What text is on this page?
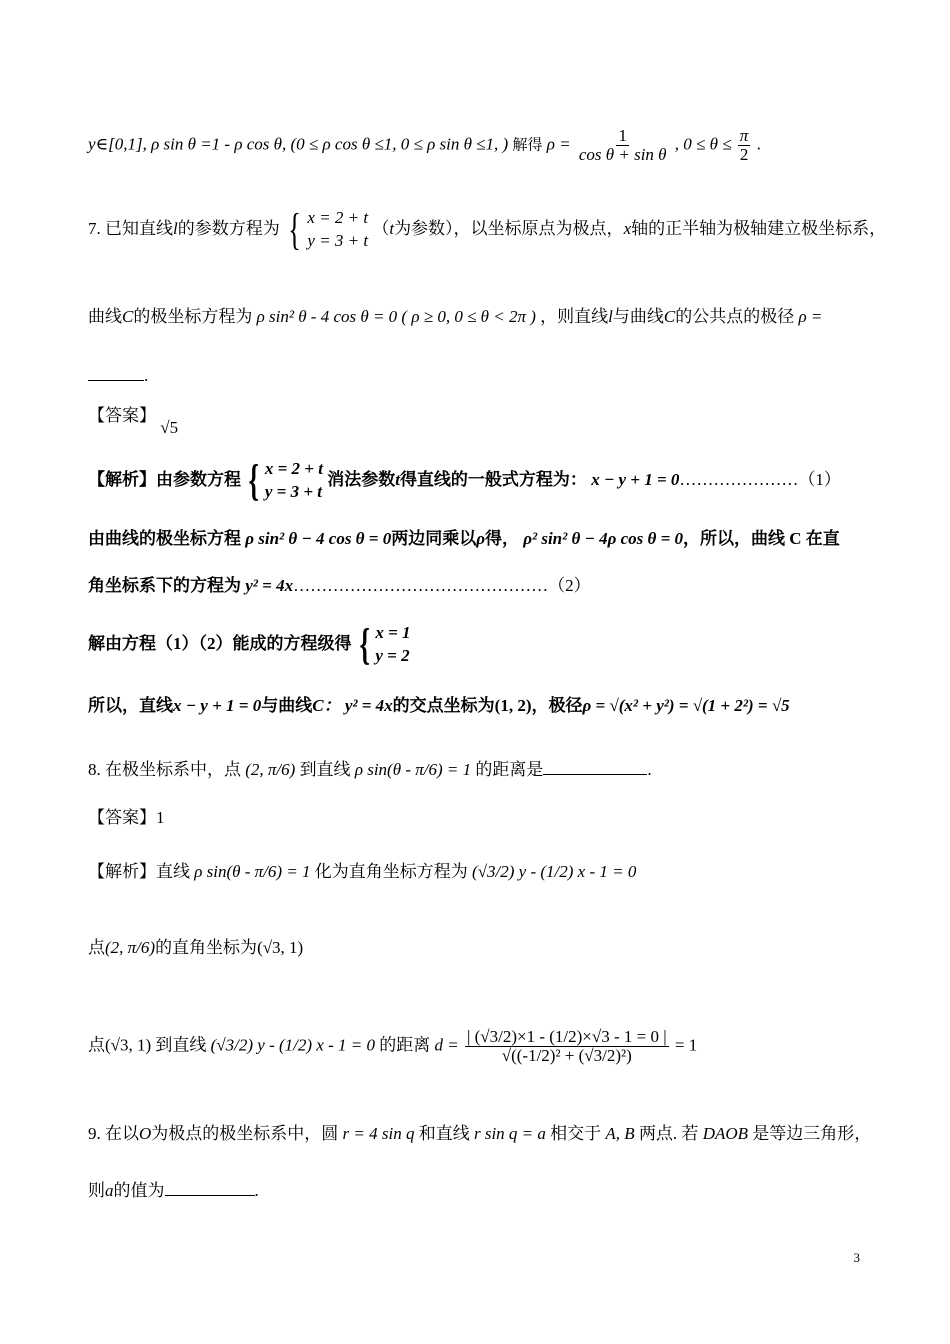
y∈[0,1], ρ sin θ =1 - ρ cos θ, (0 ≤ ρ cos θ ≤1, 0 ≤ ρ sin θ ≤1, ) 解得 $\rho = \frac{1}{\text{cos θ + sin θ}}$ , $0 \le \theta \le \frac{\pi}{2}$ .
7. 已知直线l的参数方程为 { x = 2 + t
y = 3 + t
（t为参数），以坐标原点为极点，x轴的正半轴为极轴建立极坐标系，
曲线C的极坐标方程为 ρ sin² θ - 4 cos θ = 0 ( ρ ≥ 0, 0 ≤ θ < 2π ) ，则直线l与曲线C的公共点的极径 ρ =
.
【答案】 √5
【解析】由参数方程 { x = 2 + t
y = 3 + t
消法参数t得直线的一般式方程为： x − y + 1 = 0…………………（1）
由曲线的极坐标方程 ρ sin² θ − 4 cos θ = 0两边同乘以ρ得， ρ² sin² θ − 4ρ cos θ = 0，所以，曲线 C 在直
角坐标系下的方程为 y² = 4x………………………………………（2）
解由方程（1）（2）能成的方程级得 { x = 1
y = 2
所以，直线x − y + 1 = 0与曲线C： y² = 4x的交点坐标为(1, 2)，极径ρ = √(x² + y²) = √(1 + 2²) = √5
8. 在极坐标系中，点 (2, π/6) 到直线 ρ sin(θ - π/6) = 1 的距离是	.
【答案】1
【解析】直线 ρ sin(θ - π/6) = 1 化为直角坐标方程为 (√3/2) y - (1/2) x - 1 = 0
点(2, π/6)的直角坐标为(√3, 1)
点(√3, 1) 到直线 (√3/2) y - (1/2) x - 1 = 0 的距离 $d = \frac{| (√3/2)\times 1 - (1/2)\times√3 - 1 = 0 |}{\text{√((-1/2)² + (√3/2)²)}} = 1$
9. 在以O为极点的极坐标系中，圆 r = 4 sin q 和直线 r sin q = a 相交于 A, B 两点. 若 DAOB 是等边三角形，
则a的值为	.
3
